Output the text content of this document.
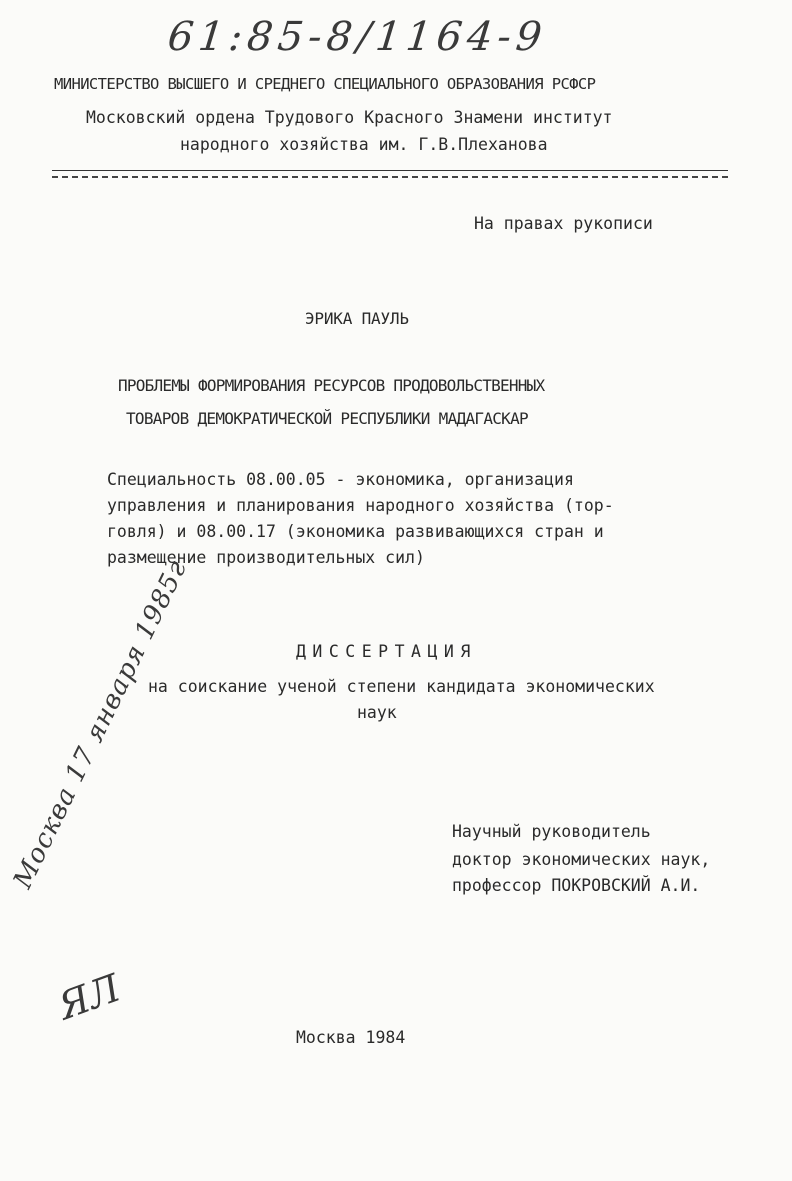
61:85-8/1164-9
МИНИСТЕРСТВО ВЫСШЕГО И СРЕДНЕГО СПЕЦИАЛЬНОГО ОБРАЗОВАНИЯ РСФСР
Московский ордена Трудового Красного Знамени институт
народного хозяйства им. Г.В.Плеханова
На правах рукописи
ЭРИКА ПАУЛЬ
ПРОБЛЕМЫ ФОРМИРОВАНИЯ РЕСУРСОВ ПРОДОВОЛЬСТВЕННЫХ
ТОВАРОВ ДЕМОКРАТИЧЕСКОЙ РЕСПУБЛИКИ МАДАГАСКАР
Специальность 08.00.05 - экономика, организация
управления и планирования народного хозяйства (тор-
говля) и 08.00.17 (экономика развивающихся стран и
размещение производительных сил)
ДИССЕРТАЦИЯ
на соискание ученой степени кандидата экономических
наук
Москва 17 января 1985г
ЯЛ
Научный руководитель
доктор экономических наук,
профессор ПОКРОВСКИЙ А.И.
Москва 1984
